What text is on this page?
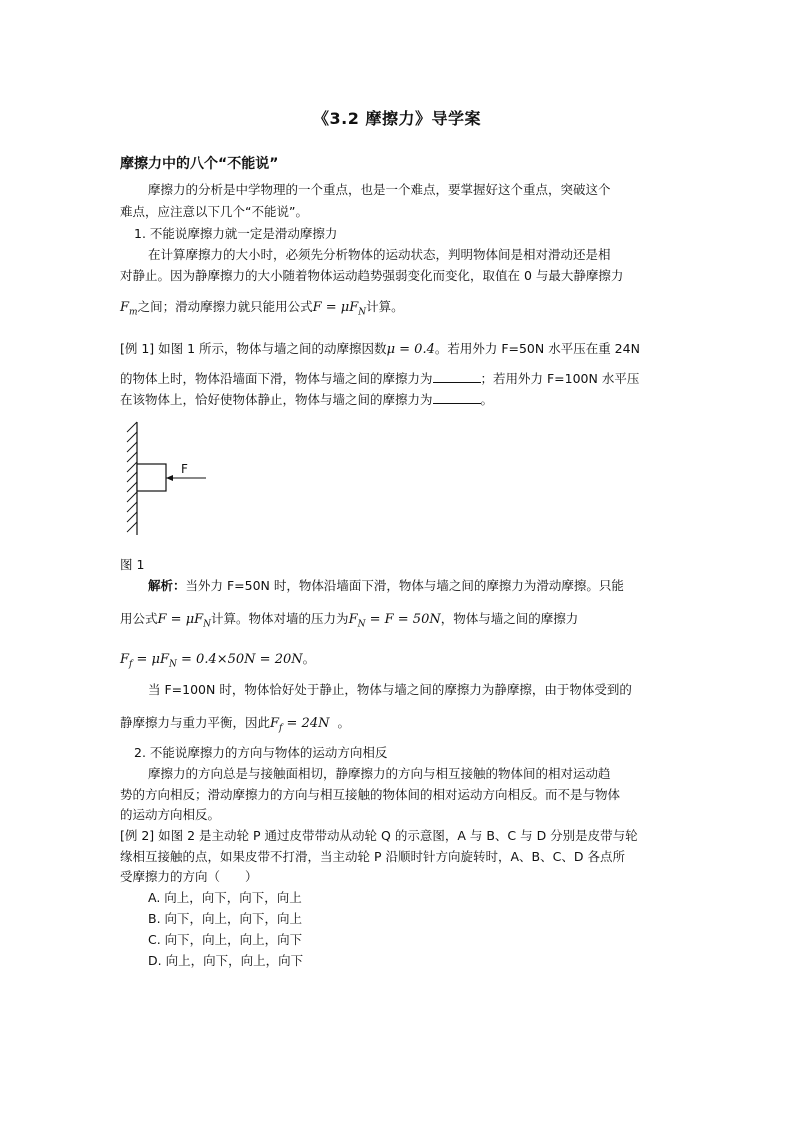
《3.2 摩擦力》导学案
摩擦力中的八个“不能说”
摩擦力的分析是中学物理的一个重点，也是一个难点，要掌握好这个重点，突破这个
难点，应注意以下几个“不能说”。
1. 不能说摩擦力就一定是滑动摩擦力
在计算摩擦力的大小时，必须先分析物体的运动状态，判明物体间是相对滑动还是相
对静止。因为静摩擦力的大小随着物体运动趋势强弱变化而变化，取值在 0 与最大静摩擦力
$F_m$之间；滑动摩擦力就只能用公式$F = \mu F_N$计算。
[例 1] 如图 1 所示，物体与墙之间的动摩擦因数μ = 0.4。若用外力 F=50N 水平压在重 24N
的物体上时，物体沿墙面下滑，物体与墙之间的摩擦力为	；若用外力 F=100N 水平压
在该物体上，恰好使物体静止，物体与墙之间的摩擦力为	。
F
图 1
解析：当外力 F=50N 时，物体沿墙面下滑，物体与墙之间的摩擦力为滑动摩擦。只能
用公式$F = \mu F_N$计算。物体对墙的压力为$F_N = F = 50N$，物体与墙之间的摩擦力
$F_f = \mu F_N = 0.4\times 50N = 20N$。
当 F=100N 时，物体恰好处于静止，物体与墙之间的摩擦力为静摩擦，由于物体受到的
静摩擦力与重力平衡，因此$F_f = 24N$ 。
2. 不能说摩擦力的方向与物体的运动方向相反
摩擦力的方向总是与接触面相切，静摩擦力的方向与相互接触的物体间的相对运动趋
势的方向相反；滑动摩擦力的方向与相互接触的物体间的相对运动方向相反。而不是与物体
的运动方向相反。
[例 2] 如图 2 是主动轮 P 通过皮带带动从动轮 Q 的示意图，A 与 B、C 与 D 分别是皮带与轮
缘相互接触的点，如果皮带不打滑，当主动轮 P 沿顺时针方向旋转时，A、B、C、D 各点所
受摩擦力的方向（　　）
A. 向上，向下，向下，向上
B. 向下，向上，向下，向上
C. 向下，向上，向上，向下
D. 向上，向下，向上，向下
